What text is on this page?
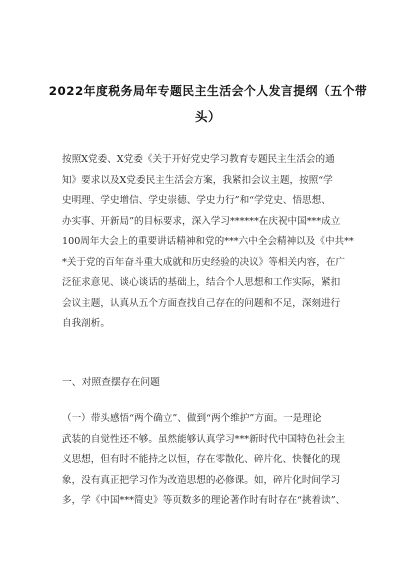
2022年度税务局年专题民主生活会个人发言提纲（五个带
头）
按照X党委、X党委《关于开好党史学习教育专题民主生活会的通
知》要求以及X党委民主生活会方案，我紧扣会议主题，按照“学
史明理、学史增信、学史崇德、学史力行”和“学党史、悟思想、
办实事、开新局”的目标要求，深入学习******在庆祝中国***成立
100周年大会上的重要讲话精神和党的***六中全会精神以及《中共**
*关于党的百年奋斗重大成就和历史经验的决议》等相关内容，在广
泛征求意见、谈心谈话的基础上，结合个人思想和工作实际，紧扣
会议主题，认真从五个方面查找自己存在的问题和不足，深刻进行
自我剖析。
一、对照查摆存在问题
（一）带头感悟“两个确立”、做到“两个维护”方面。一是理论
武装的自觉性还不够。虽然能够认真学习***新时代中国特色社会主
义思想，但有时不能持之以恒，存在零散化、碎片化、快餐化的现
象，没有真正把学习作为改造思想的必修课。如，碎片化时间学习
多，学《中国***简史》等页数多的理论著作时有时存在“挑着读”、
